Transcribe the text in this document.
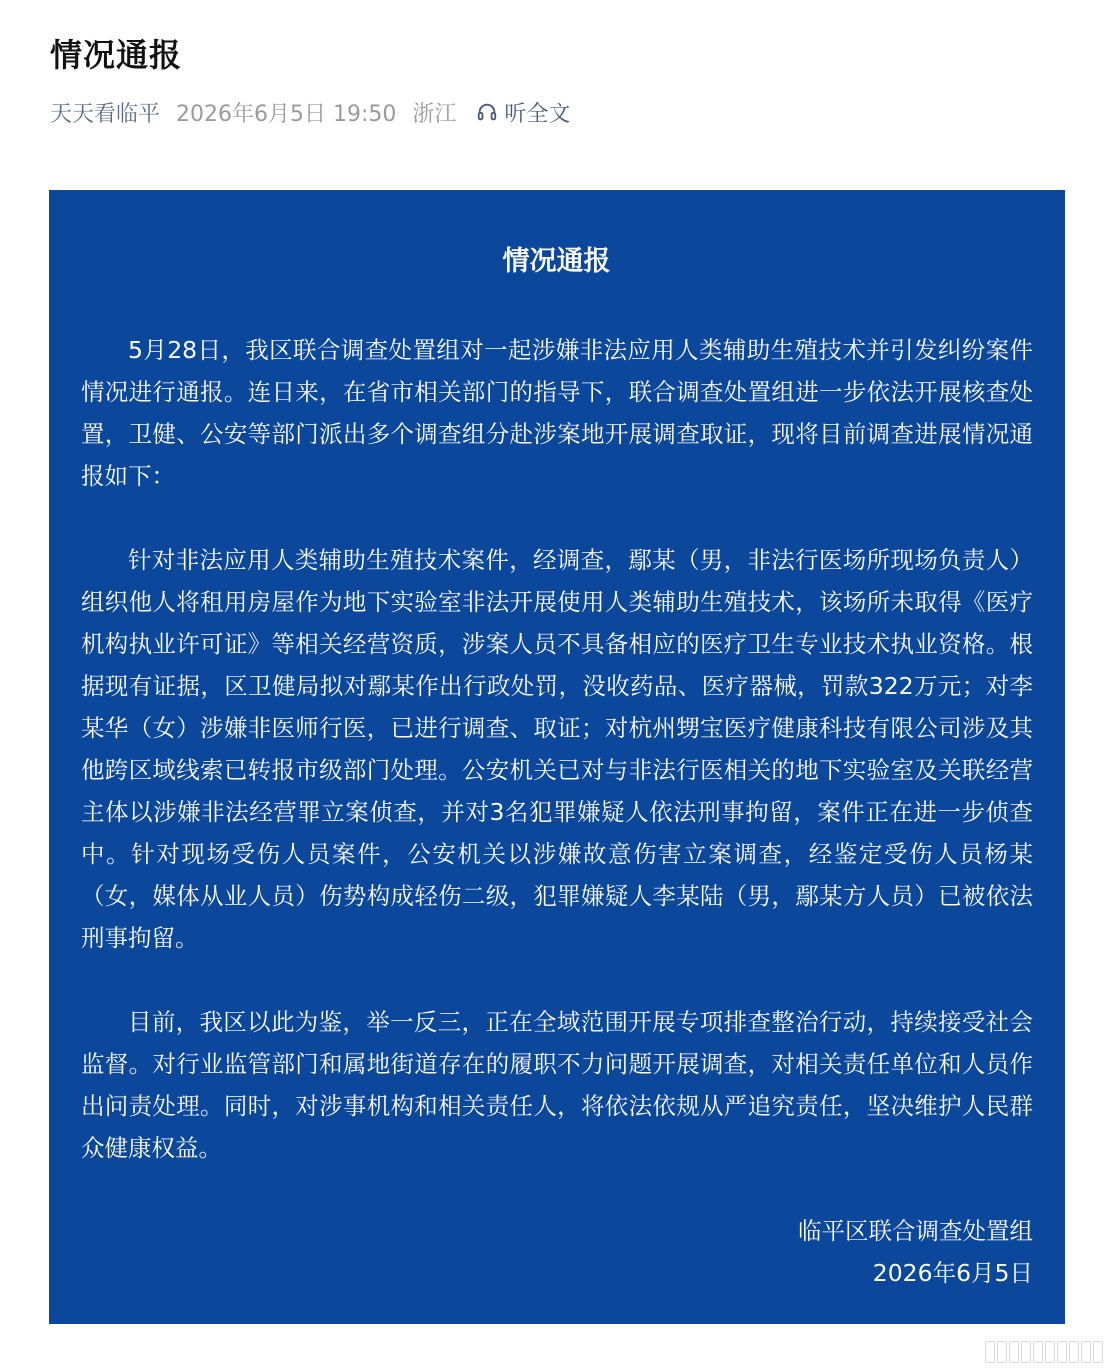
情况通报
天天看临平 2026年6月5日 19:50 浙江 听全文
情况通报

5月28日，我区联合调查处置组对一起涉嫌非法应用人类辅助生殖技术并引发纠纷案件情况进行通报。连日来，在省市相关部门的指导下，联合调查处置组进一步依法开展核查处置，卫健、公安等部门派出多个调查组分赴涉案地开展调查取证，现将目前调查进展情况通报如下：

针对非法应用人类辅助生殖技术案件，经调查，鄢某（男，非法行医场所现场负责人）组织他人将租用房屋作为地下实验室非法开展使用人类辅助生殖技术，该场所未取得《医疗机构执业许可证》等相关经营资质，涉案人员不具备相应的医疗卫生专业技术执业资格。根据现有证据，区卫健局拟对鄢某作出行政处罚，没收药品、医疗器械，罚款322万元；对李某华（女）涉嫌非医师行医，已进行调查、取证；对杭州甥宝医疗健康科技有限公司涉及其他跨区域线索已转报市级部门处理。公安机关已对与非法行医相关的地下实验室及关联经营主体以涉嫌非法经营罪立案侦查，并对3名犯罪嫌疑人依法刑事拘留，案件正在进一步侦查中。针对现场受伤人员案件，公安机关以涉嫌故意伤害立案调查，经鉴定受伤人员杨某（女，媒体从业人员）伤势构成轻伤二级，犯罪嫌疑人李某陆（男，鄢某方人员）已被依法刑事拘留。

目前，我区以此为鉴，举一反三，正在全域范围开展专项排查整治行动，持续接受社会监督。对行业监管部门和属地街道存在的履职不力问题开展调查，对相关责任单位和人员作出问责处理。同时，对涉事机构和相关责任人，将依法依规从严追究责任，坚决维护人民群众健康权益。

临平区联合调查处置组
2026年6月5日
